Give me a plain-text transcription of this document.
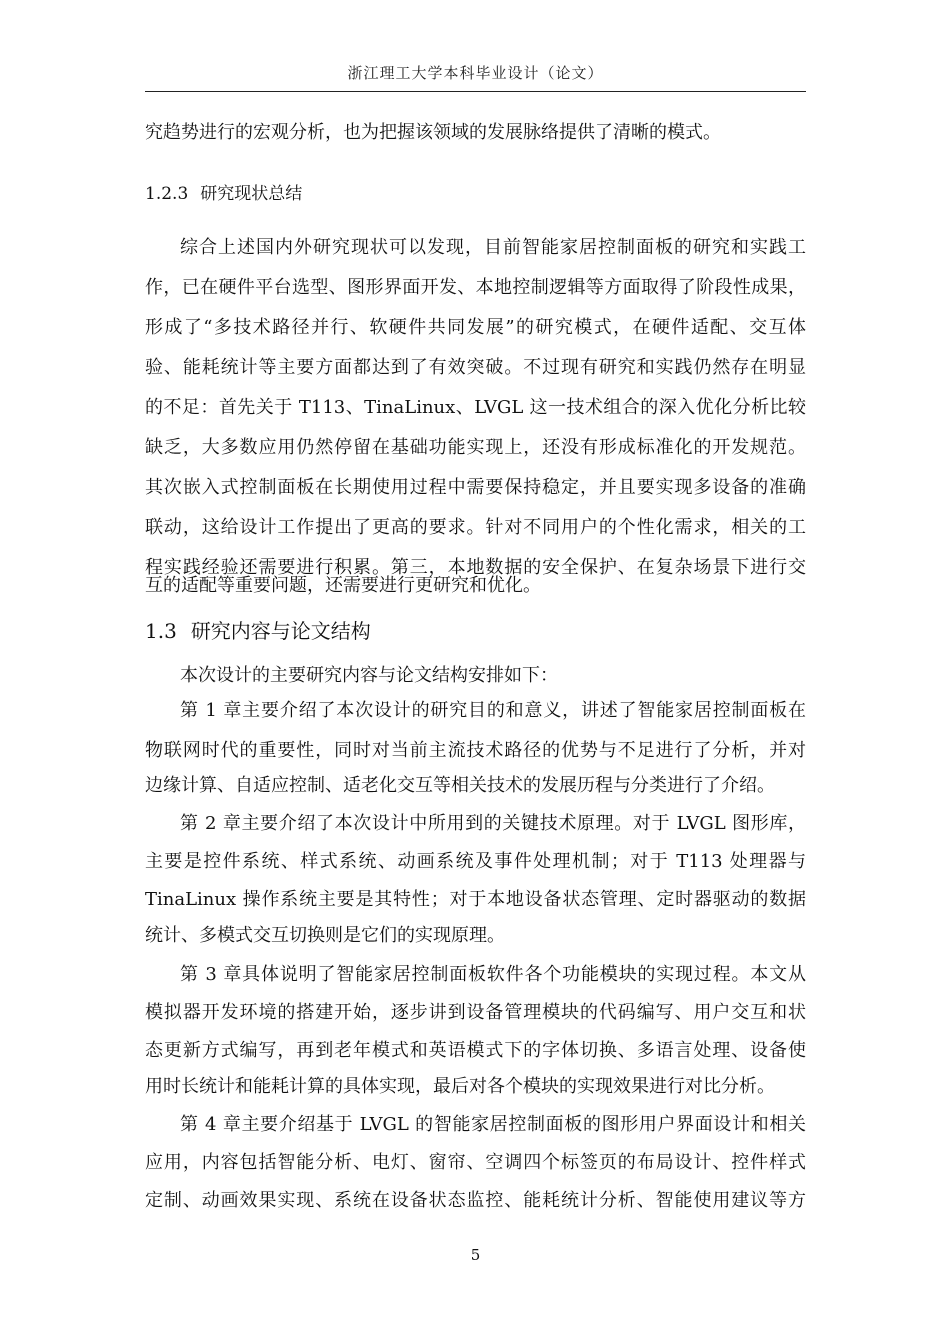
浙江理工大学本科毕业设计（论文）
究趋势进行的宏观分析，也为把握该领域的发展脉络提供了清晰的模式。
1.2.3 研究现状总结
综合上述国内外研究现状可以发现，目前智能家居控制面板的研究和实践工
作，已在硬件平台选型、图形界面开发、本地控制逻辑等方面取得了阶段性成果，
形成了“多技术路径并行、软硬件共同发展”的研究模式，在硬件适配、交互体
验、能耗统计等主要方面都达到了有效突破。不过现有研究和实践仍然存在明显
的不足：首先关于 T113、TinaLinux、LVGL 这一技术组合的深入优化分析比较
缺乏，大多数应用仍然停留在基础功能实现上，还没有形成标准化的开发规范。
其次嵌入式控制面板在长期使用过程中需要保持稳定，并且要实现多设备的准确
联动，这给设计工作提出了更高的要求。针对不同用户的个性化需求，相关的工
程实践经验还需要进行积累。第三，本地数据的安全保护、在复杂场景下进行交
互的适配等重要问题，还需要进行更研究和优化。
1.3 研究内容与论文结构
本次设计的主要研究内容与论文结构安排如下：
第 1 章主要介绍了本次设计的研究目的和意义，讲述了智能家居控制面板在
物联网时代的重要性，同时对当前主流技术路径的优势与不足进行了分析，并对
边缘计算、自适应控制、适老化交互等相关技术的发展历程与分类进行了介绍。
第 2 章主要介绍了本次设计中所用到的关键技术原理。对于 LVGL 图形库，
主要是控件系统、样式系统、动画系统及事件处理机制；对于 T113 处理器与
TinaLinux 操作系统主要是其特性；对于本地设备状态管理、定时器驱动的数据
统计、多模式交互切换则是它们的实现原理。
第 3 章具体说明了智能家居控制面板软件各个功能模块的实现过程。本文从
模拟器开发环境的搭建开始，逐步讲到设备管理模块的代码编写、用户交互和状
态更新方式编写，再到老年模式和英语模式下的字体切换、多语言处理、设备使
用时长统计和能耗计算的具体实现，最后对各个模块的实现效果进行对比分析。
第 4 章主要介绍基于 LVGL 的智能家居控制面板的图形用户界面设计和相关
应用，内容包括智能分析、电灯、窗帘、空调四个标签页的布局设计、控件样式
定制、动画效果实现、系统在设备状态监控、能耗统计分析、智能使用建议等方
5
